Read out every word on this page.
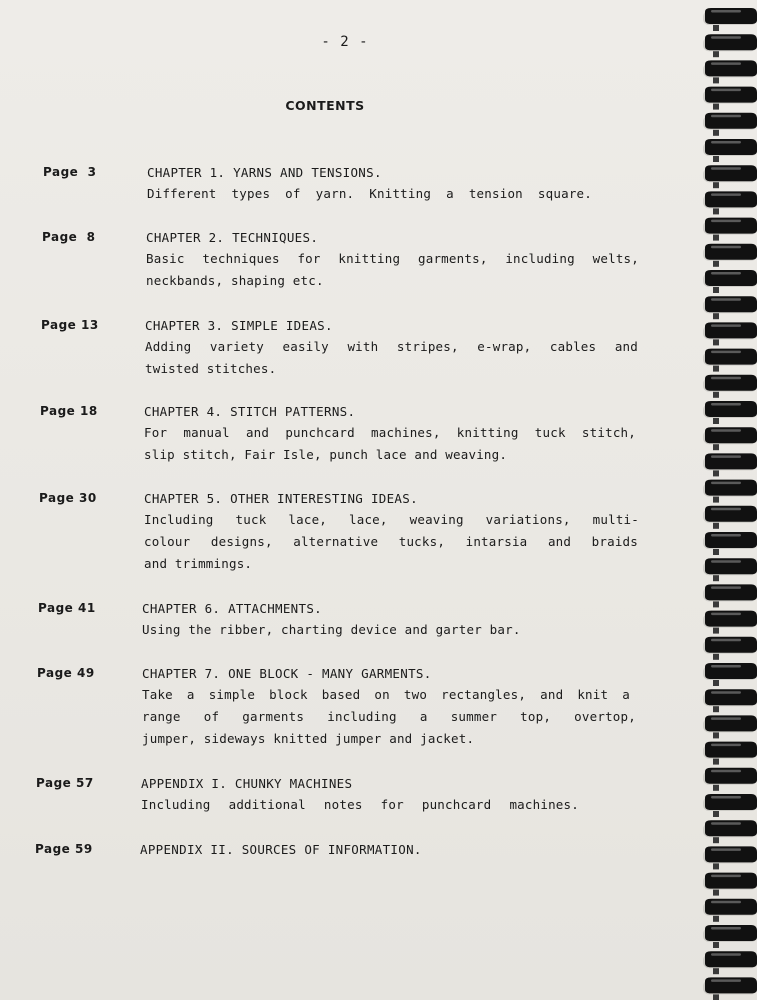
- 2 -
CONTENTS
Page  3	CHAPTER 1. YARNS AND TENSIONS.
Different types of yarn. Knitting a tension square.
Page  8	CHAPTER 2. TECHNIQUES.
Basic techniques for knitting garments, including welts,
neckbands, shaping etc.
Page 13	CHAPTER 3. SIMPLE IDEAS.
Adding variety easily with stripes, e-wrap, cables and
twisted stitches.
Page 18	CHAPTER 4. STITCH PATTERNS.
For manual and punchcard machines, knitting tuck stitch,
slip stitch, Fair Isle, punch lace and weaving.
Page 30	CHAPTER 5. OTHER INTERESTING IDEAS.
Including tuck lace, lace, weaving variations, multi-
colour designs, alternative tucks, intarsia and braids
and trimmings.
Page 41	CHAPTER 6. ATTACHMENTS.
Using the ribber, charting device and garter bar.
Page 49	CHAPTER 7. ONE BLOCK - MANY GARMENTS.
Take a simple block based on two rectangles, and knit a
range of garments including a summer top, overtop,
jumper, sideways knitted jumper and jacket.
Page 57	APPENDIX I. CHUNKY MACHINES
Including additional notes for punchcard machines.
Page 59	APPENDIX II. SOURCES OF INFORMATION.
